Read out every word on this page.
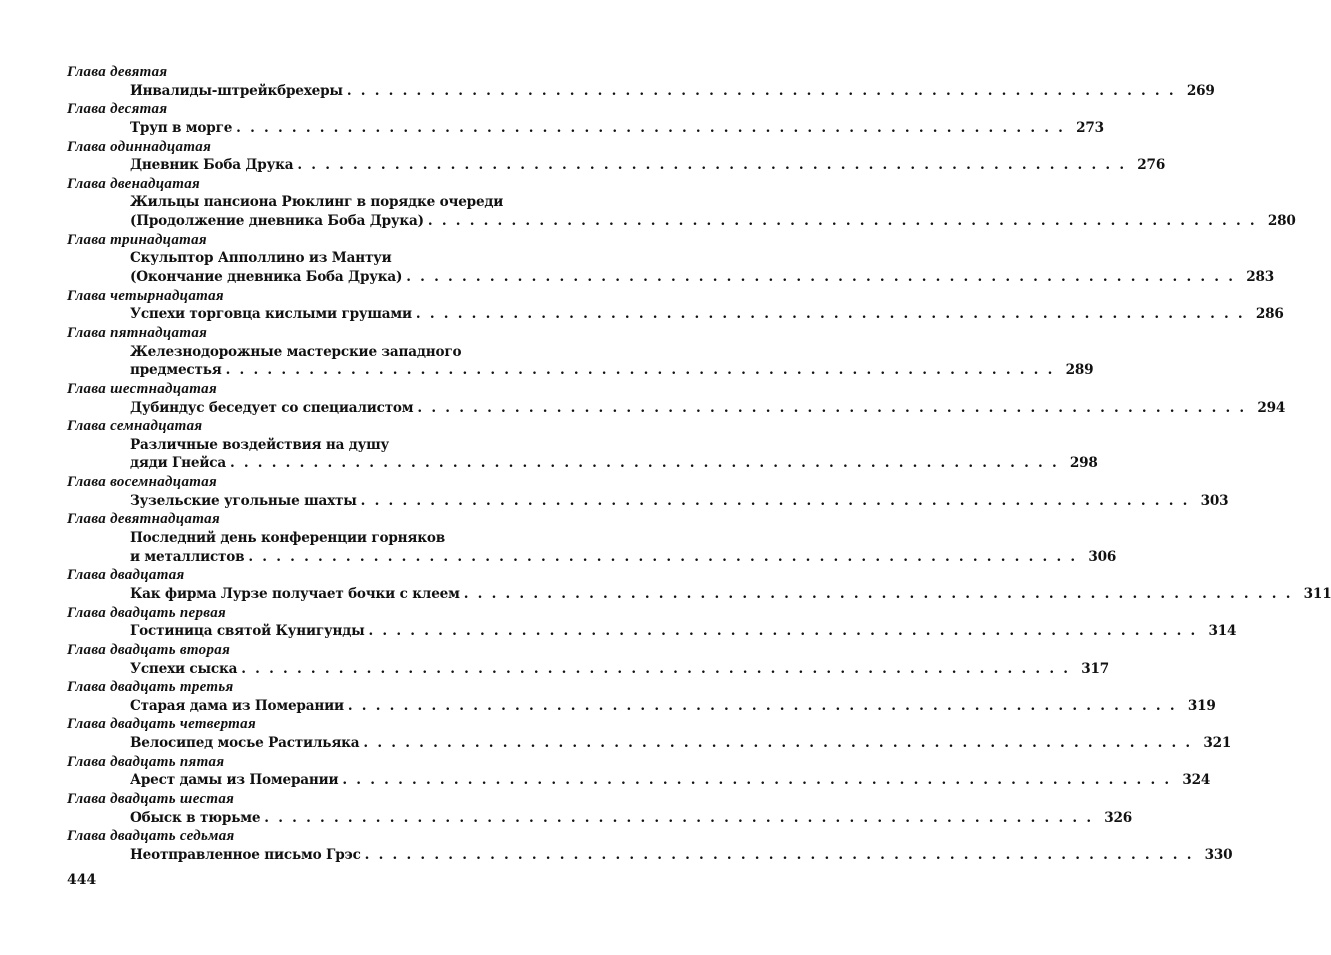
Глава девятая
Инвалиды-штрейкбрехеры ............................................................ 269
Глава десятая
Труп в морге ............................................................ 273
Глава одиннадцатая
Дневник Боба Друка ............................................................ 276
Глава двенадцатая
Жильцы пансиона Рюклинг в порядке очереди
(Продолжение дневника Боба Друка) ............................................................ 280
Глава тринадцатая
Скульптор Апполлино из Мантуи
(Окончание дневника Боба Друка) ............................................................ 283
Глава четырнадцатая
Успехи торговца кислыми грушами ............................................................ 286
Глава пятнадцатая
Железнодорожные мастерские западного
предместья ............................................................ 289
Глава шестнадцатая
Дубиндус беседует со специалистом ............................................................ 294
Глава семнадцатая
Различные воздействия на душу
дяди Гнейса ............................................................ 298
Глава восемнадцатая
Зузельские угольные шахты ............................................................ 303
Глава девятнадцатая
Последний день конференции горняков
и металлистов ............................................................ 306
Глава двадцатая
Как фирма Лурзе получает бочки с клеем ............................................................ 311
Глава двадцать первая
Гостиница святой Кунигунды ............................................................ 314
Глава двадцать вторая
Успехи сыска ............................................................ 317
Глава двадцать третья
Старая дама из Померании ............................................................ 319
Глава двадцать четвертая
Велосипед мосье Растильяка ............................................................ 321
Глава двадцать пятая
Арест дамы из Померании ............................................................ 324
Глава двадцать шестая
Обыск в тюрьме ............................................................ 326
Глава двадцать седьмая
Неотправленное письмо Грэс ............................................................ 330
444
